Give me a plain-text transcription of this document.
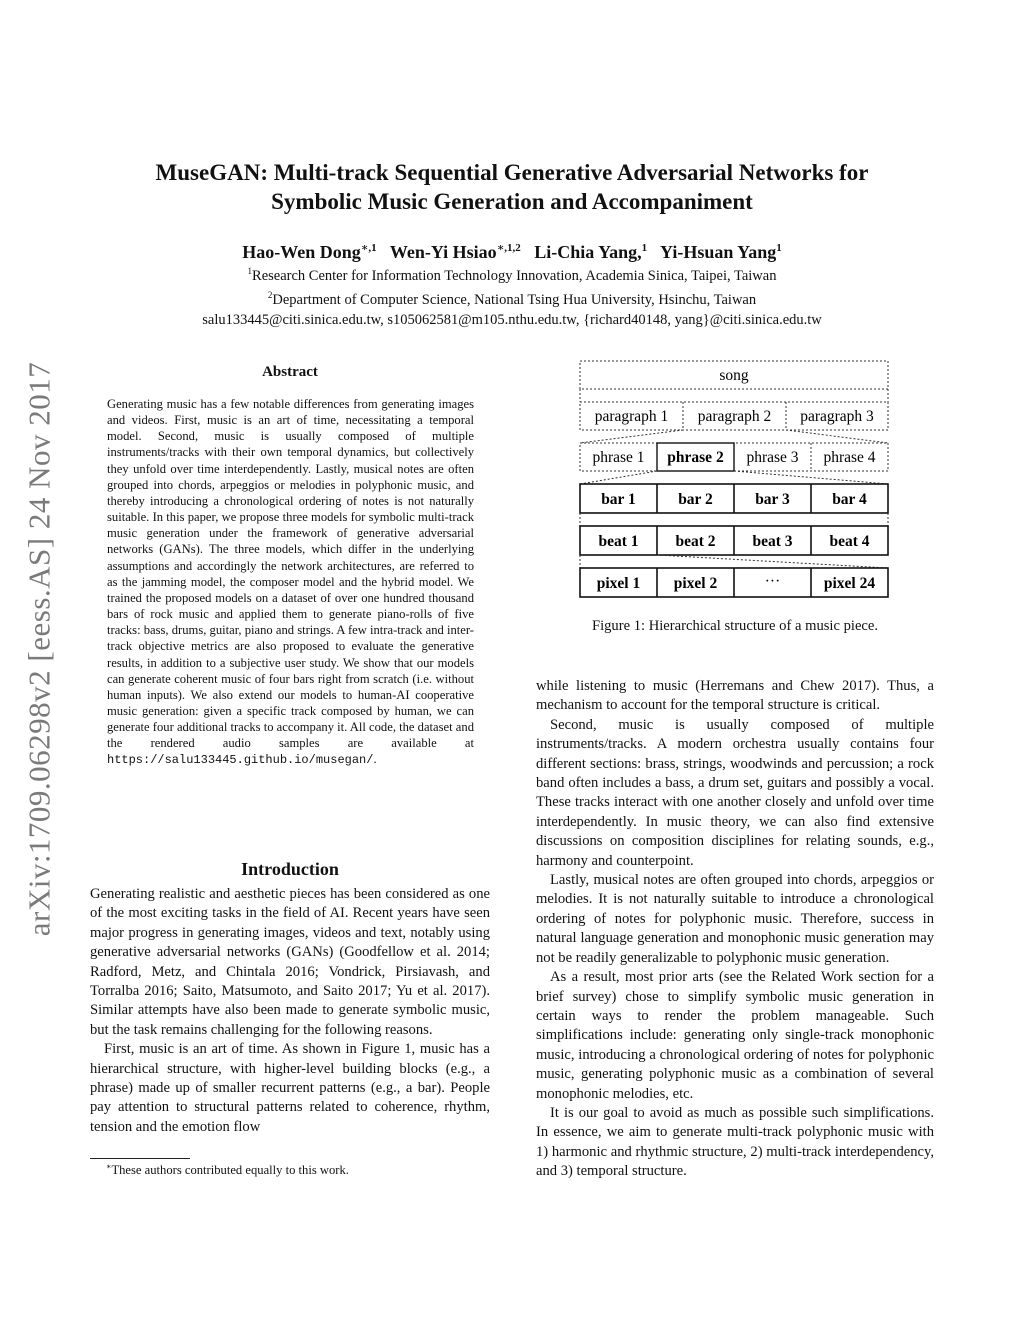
arXiv:1709.06298v2 [eess.AS] 24 Nov 2017
MuseGAN: Multi-track Sequential Generative Adversarial Networks for
Symbolic Music Generation and Accompaniment
Hao-Wen Dong$^{∗,1}$ Wen-Yi Hsiao$^{∗,1,2}$ Li-Chia Yang,$^1$ Yi-Hsuan Yang$^1$
$^1$Research Center for Information Technology Innovation, Academia Sinica, Taipei, Taiwan
$^2$Department of Computer Science, National Tsing Hua University, Hsinchu, Taiwan
salu133445@citi.sinica.edu.tw, s105062581@m105.nthu.edu.tw, {richard40148, yang}@citi.sinica.edu.tw
Abstract
Generating music has a few notable differences from generating images and videos. First, music is an art of time, necessitating a temporal model. Second, music is usually composed of multiple instruments/tracks with their own temporal dynamics, but collectively they unfold over time interdependently. Lastly, musical notes are often grouped into chords, arpeggios or melodies in polyphonic music, and thereby introducing a chronological ordering of notes is not naturally suitable. In this paper, we propose three models for symbolic multi-track music generation under the framework of generative adversarial networks (GANs). The three models, which differ in the underlying assumptions and accordingly the network architectures, are referred to as the jamming model, the composer model and the hybrid model. We trained the proposed models on a dataset of over one hundred thousand bars of rock music and applied them to generate piano-rolls of five tracks: bass, drums, guitar, piano and strings. A few intra-track and inter-track objective metrics are also proposed to evaluate the generative results, in addition to a subjective user study. We show that our models can generate coherent music of four bars right from scratch (i.e. without human inputs). We also extend our models to human-AI cooperative music generation: given a specific track composed by human, we can generate four additional tracks to accompany it. All code, the dataset and the rendered audio samples are available at https://salu133445.github.io/musegan/.
Introduction

Generating realistic and aesthetic pieces has been considered as one of the most exciting tasks in the field of AI. Recent years have seen major progress in generating images, videos and text, notably using generative adversarial networks (GANs) (Goodfellow et al. 2014; Radford, Metz, and Chintala 2016; Vondrick, Pirsiavash, and Torralba 2016; Saito, Matsumoto, and Saito 2017; Yu et al. 2017). Similar attempts have also been made to generate symbolic music, but the task remains challenging for the following reasons.

First, music is an art of time. As shown in Figure 1, music has a hierarchical structure, with higher-level building blocks (e.g., a phrase) made up of smaller recurrent patterns (e.g., a bar). People pay attention to structural patterns related to coherence, rhythm, tension and the emotion flow

∗These authors contributed equally to this work.
song
paragraph 1 paragraph 2 paragraph 3
phrase 1 phrase 2 phrase 3 phrase 4
bar 1	bar 2	bar 3	bar 4
beat 1 beat 2 beat 3 beat 4
pixel 1 pixel 2	···	pixel 24
Figure 1: Hierarchical structure of a music piece.

while listening to music (Herremans and Chew 2017). Thus, a mechanism to account for the temporal structure is critical.

Second, music is usually composed of multiple instruments/tracks. A modern orchestra usually contains four different sections: brass, strings, woodwinds and percussion; a rock band often includes a bass, a drum set, guitars and possibly a vocal. These tracks interact with one another closely and unfold over time interdependently. In music theory, we can also find extensive discussions on composition disciplines for relating sounds, e.g., harmony and counterpoint.

Lastly, musical notes are often grouped into chords, arpeggios or melodies. It is not naturally suitable to introduce a chronological ordering of notes for polyphonic music. Therefore, success in natural language generation and monophonic music generation may not be readily generalizable to polyphonic music generation.

As a result, most prior arts (see the Related Work section for a brief survey) chose to simplify symbolic music generation in certain ways to render the problem manageable. Such simplifications include: generating only single-track monophonic music, introducing a chronological ordering of notes for polyphonic music, generating polyphonic music as a combination of several monophonic melodies, etc.

It is our goal to avoid as much as possible such simplifications. In essence, we aim to generate multi-track polyphonic music with 1) harmonic and rhythmic structure, 2) multi-track interdependency, and 3) temporal structure.
